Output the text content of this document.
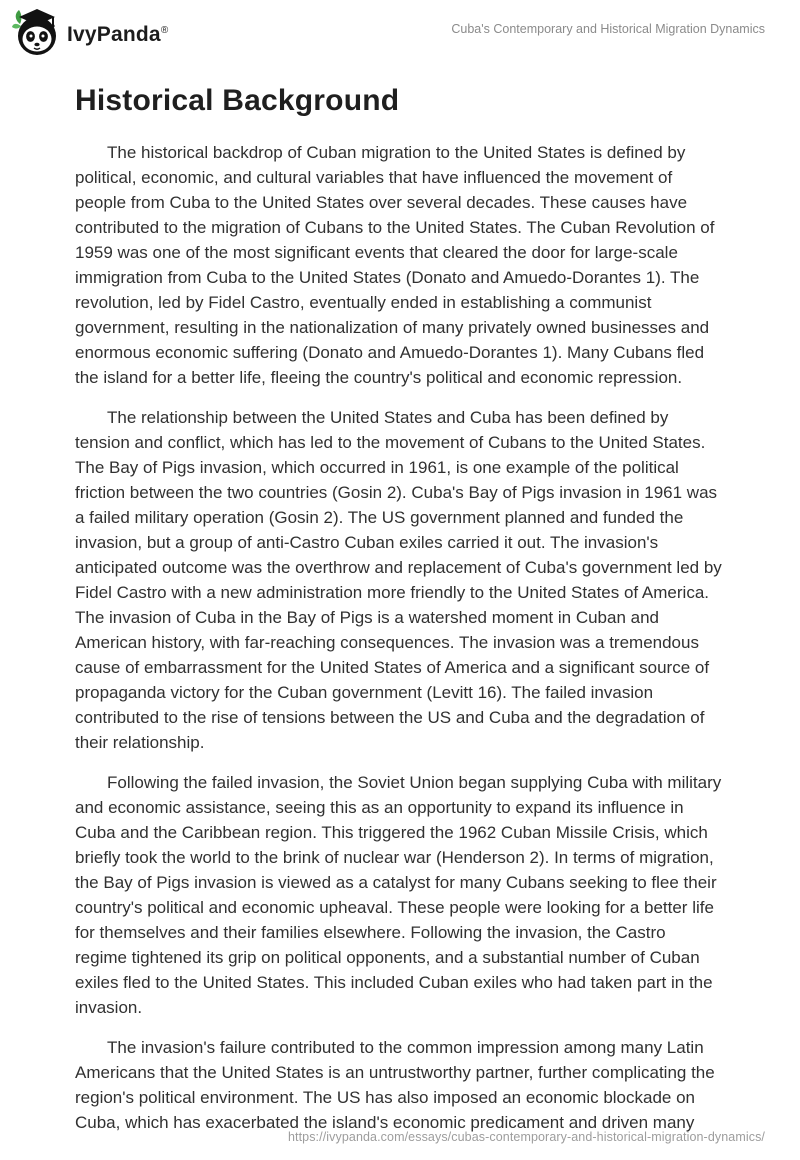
IvyPanda®	Cuba's Contemporary and Historical Migration Dynamics
Historical Background

The historical backdrop of Cuban migration to the United States is defined by political, economic, and cultural variables that have influenced the movement of people from Cuba to the United States over several decades. These causes have contributed to the migration of Cubans to the United States. The Cuban Revolution of 1959 was one of the most significant events that cleared the door for large-scale immigration from Cuba to the United States (Donato and Amuedo-Dorantes 1). The revolution, led by Fidel Castro, eventually ended in establishing a communist government, resulting in the nationalization of many privately owned businesses and enormous economic suffering (Donato and Amuedo-Dorantes 1). Many Cubans fled the island for a better life, fleeing the country's political and economic repression.

The relationship between the United States and Cuba has been defined by tension and conflict, which has led to the movement of Cubans to the United States. The Bay of Pigs invasion, which occurred in 1961, is one example of the political friction between the two countries (Gosin 2). Cuba's Bay of Pigs invasion in 1961 was a failed military operation (Gosin 2). The US government planned and funded the invasion, but a group of anti-Castro Cuban exiles carried it out. The invasion's anticipated outcome was the overthrow and replacement of Cuba's government led by Fidel Castro with a new administration more friendly to the United States of America. The invasion of Cuba in the Bay of Pigs is a watershed moment in Cuban and American history, with far-reaching consequences. The invasion was a tremendous cause of embarrassment for the United States of America and a significant source of propaganda victory for the Cuban government (Levitt 16). The failed invasion contributed to the rise of tensions between the US and Cuba and the degradation of their relationship.

Following the failed invasion, the Soviet Union began supplying Cuba with military and economic assistance, seeing this as an opportunity to expand its influence in Cuba and the Caribbean region. This triggered the 1962 Cuban Missile Crisis, which briefly took the world to the brink of nuclear war (Henderson 2). In terms of migration, the Bay of Pigs invasion is viewed as a catalyst for many Cubans seeking to flee their country's political and economic upheaval. These people were looking for a better life for themselves and their families elsewhere. Following the invasion, the Castro regime tightened its grip on political opponents, and a substantial number of Cuban exiles fled to the United States. This included Cuban exiles who had taken part in the invasion.

The invasion's failure contributed to the common impression among many Latin Americans that the United States is an untrustworthy partner, further complicating the region's political environment. The US has also imposed an economic blockade on Cuba, which has exacerbated the island's economic predicament and driven many

https://ivypanda.com/essays/cubas-contemporary-and-historical-migration-dynamics/
